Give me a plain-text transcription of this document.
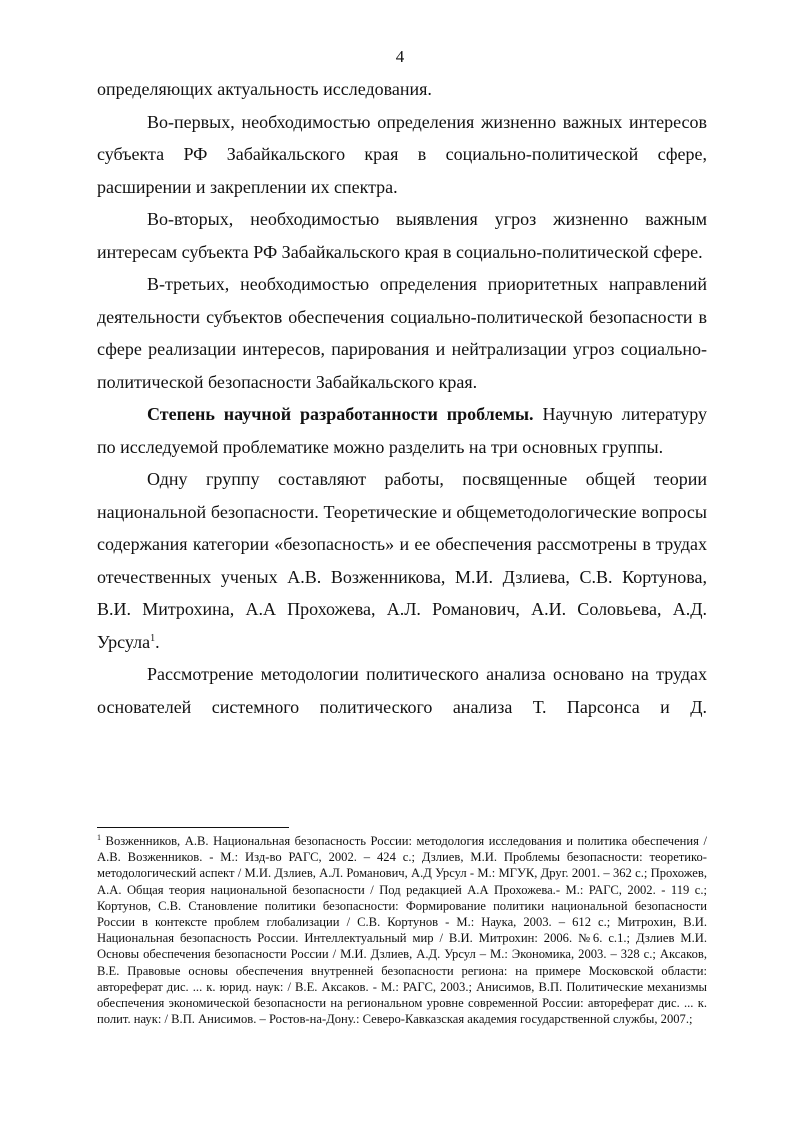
4

определяющих актуальность исследования.

Во-первых, необходимостью определения жизненно важных интересов субъекта РФ Забайкальского края в социально-политической сфере, расширении и закреплении их спектра.

Во-вторых, необходимостью выявления угроз жизненно важным интересам субъекта РФ Забайкальского края в социально-политической сфере.

В-третьих, необходимостью определения приоритетных направлений деятельности субъектов обеспечения социально-политической безопасности в сфере реализации интересов, парирования и нейтрализации угроз социально-политической безопасности Забайкальского края.

Степень научной разработанности проблемы. Научную литературу по исследуемой проблематике можно разделить на три основных группы.

Одну группу составляют работы, посвященные общей теории национальной безопасности. Теоретические и общеметодологические вопросы содержания категории «безопасность» и ее обеспечения рассмотрены в трудах отечественных ученых А.В. Возженникова, М.И. Дзлиева, С.В. Кортунова, В.И. Митрохина, А.А Прохожева, А.Л. Романович, А.И. Соловьева, А.Д. Урсула$^1$.

Рассмотрение методологии политического анализа основано на трудах основателей системного политического анализа Т. Парсонса и Д.

$^1$ Возженников, А.В. Национальная безопасность России: методология исследования и политика обеспечения / А.В. Возженников. - М.: Изд-во РАГС, 2002. – 424 с.; Дзлиев, М.И. Проблемы безопасности: теоретико-методологический аспект / М.И. Дзлиев, А.Л. Романович, А.Д Урсул - М.: МГУК, Друг. 2001. – 362 с.; Прохожев, А.А. Общая теория национальной безопасности / Под редакцией А.А Прохожева.- М.: РАГС, 2002. - 119 с.; Кортунов, С.В. Становление политики безопасности: Формирование политики национальной безопасности России в контексте проблем глобализации / С.В. Кортунов - М.: Наука, 2003. – 612 с.; Митрохин, В.И. Национальная безопасность России. Интеллектуальный мир / В.И. Митрохин: 2006. №6. с.1.; Дзлиев М.И. Основы обеспечения безопасности России / М.И. Дзлиев, А.Д. Урсул – М.: Экономика, 2003. – 328 с.; Аксаков, В.Е. Правовые основы обеспечения внутренней безопасности региона: на примере Московской области: автореферат дис. ... к. юрид. наук: / В.Е. Аксаков. - М.: РАГС, 2003.; Анисимов, В.П. Политические механизмы обеспечения экономической безопасности на региональном уровне современной России: автореферат дис. ... к. полит. наук: / В.П. Анисимов. – Ростов-на-Дону.: Северо-Кавказская академия государственной службы, 2007.;
